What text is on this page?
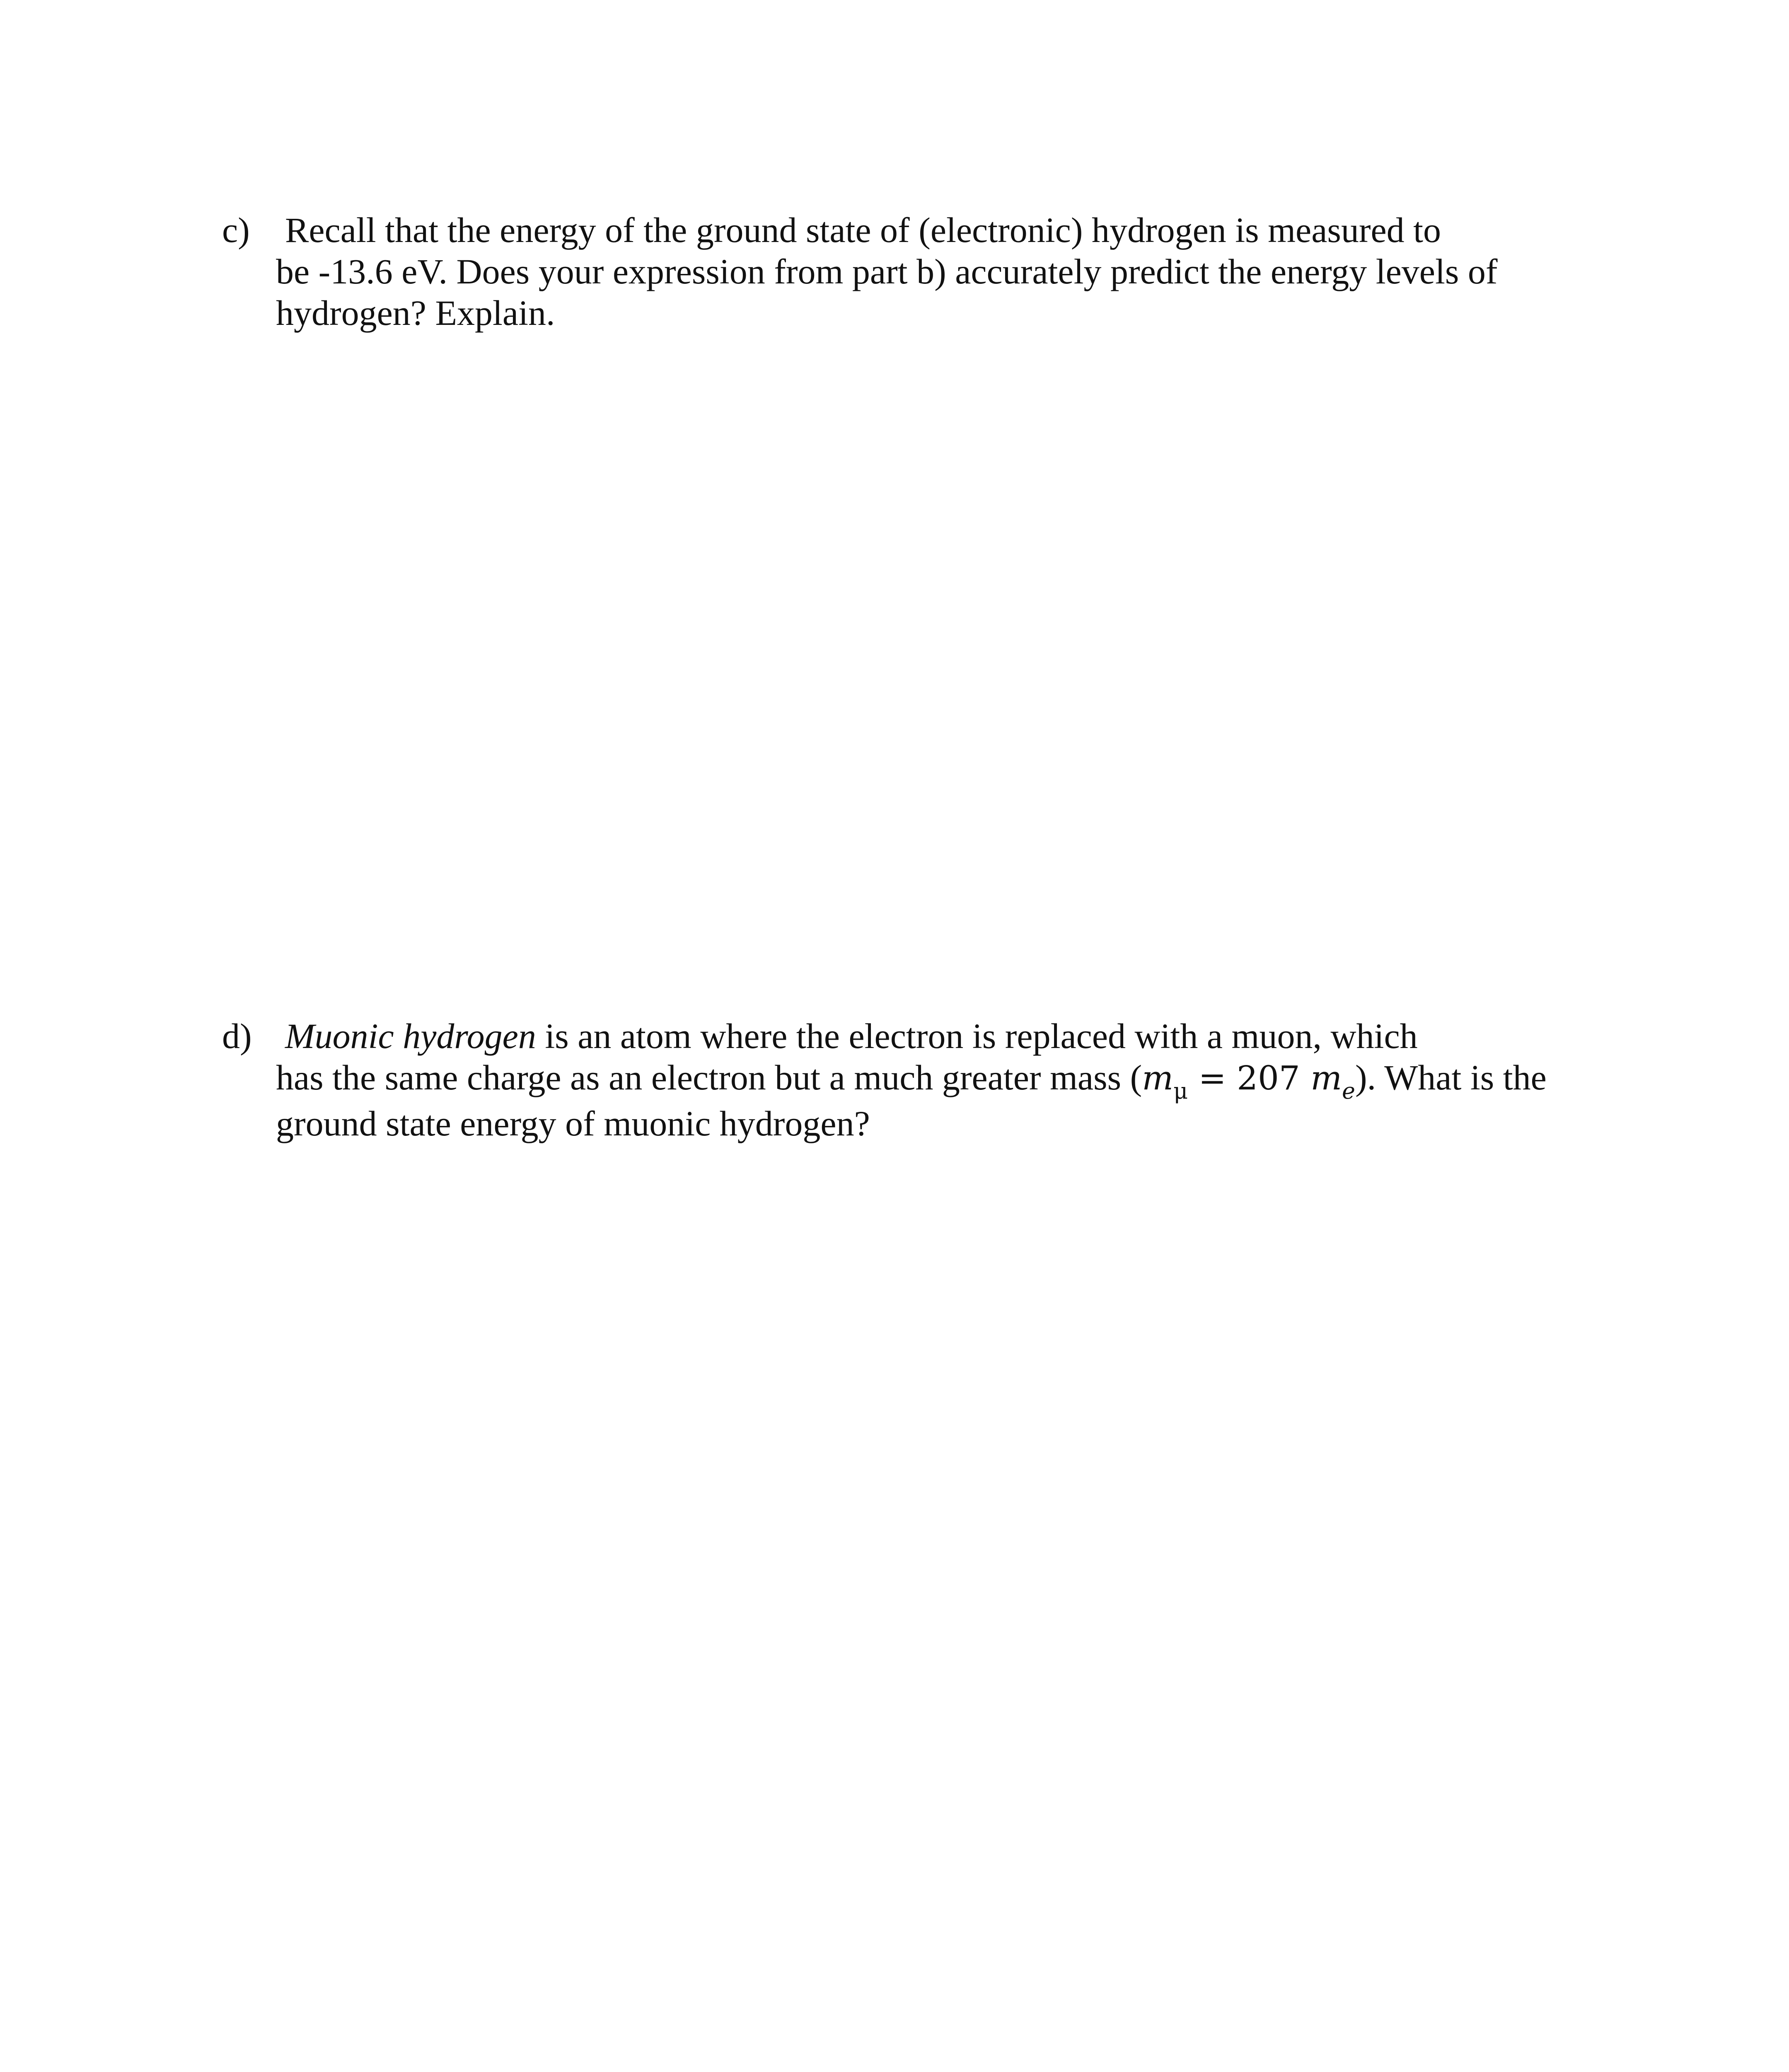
c) Recall that the energy of the ground state of (electronic) hydrogen is measured to
be -13.6 eV. Does your expression from part b) accurately predict the energy levels of
hydrogen? Explain.
d) Muonic hydrogen is an atom where the electron is replaced with a muon, which
has the same charge as an electron but a much greater mass ($m_\mu = 207$ $m_e$). What is the
ground state energy of muonic hydrogen?
